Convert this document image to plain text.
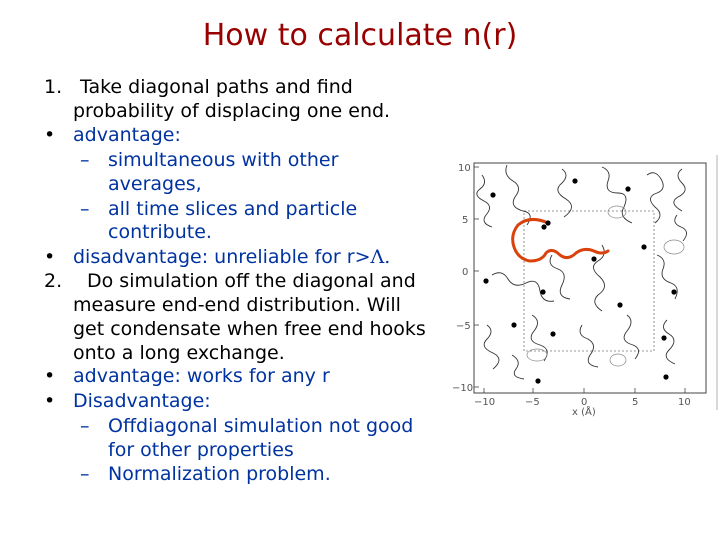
How to calculate n(r)
1. Take diagonal paths and find
probability of displacing one end.
• advantage:
– simultaneous with other
averages,
– all time slices and particle
contribute.
• disadvantage: unreliable for r>Λ.
2. Do simulation off the diagonal and
measure end-end distribution. Will
get condensate when free end hooks
onto a long exchange.
• advantage: works for any r
• Disadvantage:
– Offdiagonal simulation not good
for other properties
– Normalization problem.
10
5
0
−5
−10
−10	−5	0	5	10
x (Å)
